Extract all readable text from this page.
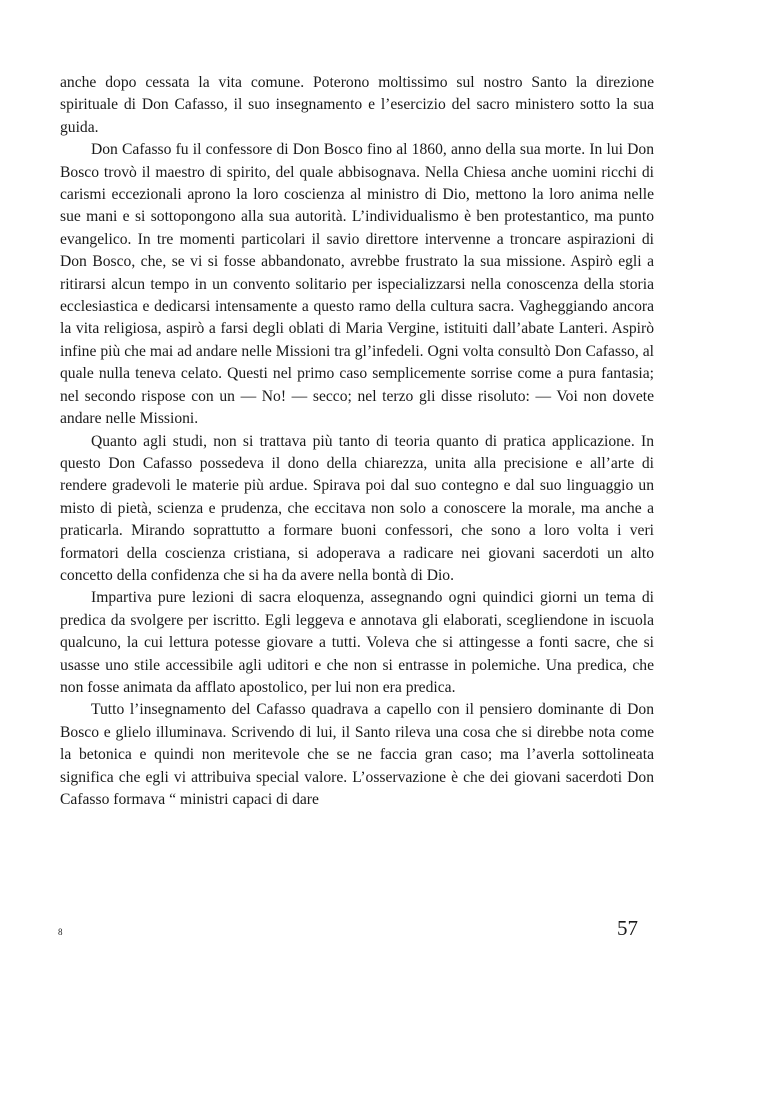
anche dopo cessata la vita comune. Poterono moltissimo sul nostro Santo la direzione spirituale di Don Cafasso, il suo insegnamento e l’esercizio del sacro ministero sotto la sua guida.

Don Cafasso fu il confessore di Don Bosco fino al 1860, anno della sua morte. In lui Don Bosco trovò il maestro di spirito, del quale abbisognava. Nella Chiesa anche uomini ricchi di carismi eccezionali aprono la loro coscienza al ministro di Dio, mettono la loro anima nelle sue mani e si sottopongono alla sua autorità. L’individualismo è ben protestantico, ma punto evangelico. In tre momenti particolari il savio direttore intervenne a troncare aspirazioni di Don Bosco, che, se vi si fosse abbandonato, avrebbe frustrato la sua missione. Aspirò egli a ritirarsi alcun tempo in un convento solitario per ispecializzarsi nella conoscenza della storia ecclesiastica e dedicarsi intensamente a questo ramo della cultura sacra. Vagheggiando ancora la vita religiosa, aspirò a farsi degli oblati di Maria Vergine, istituiti dall’abate Lanteri. Aspirò infine più che mai ad andare nelle Missioni tra gl’infedeli. Ogni volta consultò Don Cafasso, al quale nulla teneva celato. Questi nel primo caso semplicemente sorrise come a pura fantasia; nel secondo rispose con un — No! — secco; nel terzo gli disse risoluto: — Voi non dovete andare nelle Missioni.

Quanto agli studi, non si trattava più tanto di teoria quanto di pratica applicazione. In questo Don Cafasso possedeva il dono della chiarezza, unita alla precisione e all’arte di rendere gradevoli le materie più ardue. Spirava poi dal suo contegno e dal suo linguaggio un misto di pietà, scienza e prudenza, che eccitava non solo a conoscere la morale, ma anche a praticarla. Mirando soprattutto a formare buoni confessori, che sono a loro volta i veri formatori della coscienza cristiana, si adoperava a radicare nei giovani sacerdoti un alto concetto della confidenza che si ha da avere nella bontà di Dio.

Impartiva pure lezioni di sacra eloquenza, assegnando ogni quindici giorni un tema di predica da svolgere per iscritto. Egli leggeva e annotava gli elaborati, scegliendone in iscuola qualcuno, la cui lettura potesse giovare a tutti. Voleva che si attingesse a fonti sacre, che si usasse uno stile accessibile agli uditori e che non si entrasse in polemiche. Una predica, che non fosse animata da afflato apostolico, per lui non era predica.

Tutto l’insegnamento del Cafasso quadrava a capello con il pensiero dominante di Don Bosco e glielo illuminava. Scrivendo di lui, il Santo rileva una cosa che si direbbe nota come la betonica e quindi non meritevole che se ne faccia gran caso; ma l’averla sottolineata significa che egli vi attribuiva special valore. L’osservazione è che dei giovani sacerdoti Don Cafasso formava “ ministri capaci di dare

8	57
